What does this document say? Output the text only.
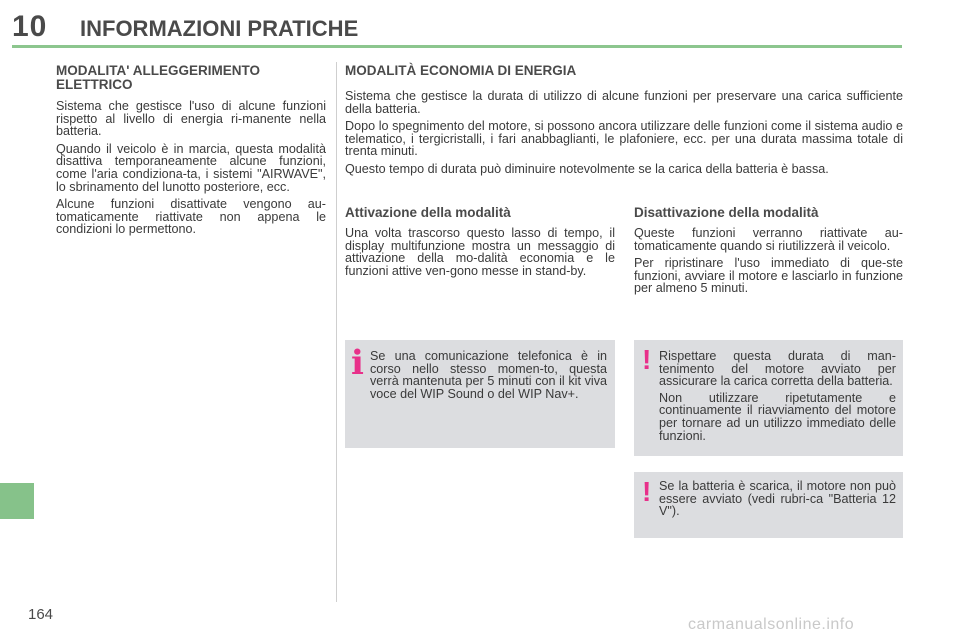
10 INFORMAZIONI PRATICHE
164
MODALITA' ALLEGGERIMENTO ELETTRICO

Sistema che gestisce l'uso di alcune funzioni rispetto al livello di energia ri-manente nella batteria.

Quando il veicolo è in marcia, questa modalità disattiva temporaneamente alcune funzioni, come l'aria condiziona-ta, i sistemi "AIRWAVE", lo sbrinamento del lunotto posteriore, ecc.

Alcune funzioni disattivate vengono au-tomaticamente riattivate non appena le condizioni lo permettono.

MODALITÀ ECONOMIA DI ENERGIA

Sistema che gestisce la durata di utilizzo di alcune funzioni per preservare una carica sufficiente della batteria.

Dopo lo spegnimento del motore, si possono ancora utilizzare delle funzioni come il sistema audio e telematico, i tergicristalli, i fari anabbaglianti, le plafoniere, ecc. per una durata massima totale di trenta minuti.

Questo tempo di durata può diminuire notevolmente se la carica della batteria è bassa.

Attivazione della modalità

Una volta trascorso questo lasso di tempo, il display multifunzione mostra un messaggio di attivazione della mo-dalità economia e le funzioni attive ven-gono messe in stand-by.

Disattivazione della modalità

Queste funzioni verranno riattivate au-tomaticamente quando si riutilizzerà il veicolo.

Per ripristinare l'uso immediato di que-ste funzioni, avviare il motore e lasciarlo in funzione per almeno 5 minuti.

i Se una comunicazione telefonica è in corso nello stesso momen-to, questa verrà mantenuta per 5 minuti con il kit viva voce del WIP Sound o del WIP Nav+.

! Rispettare questa durata di man-tenimento del motore avviato per assicurare la carica corretta della batteria.

Non utilizzare ripetutamente e continuamente il riavviamento del motore per tornare ad un utilizzo immediato delle funzioni.

! Se la batteria è scarica, il motore non può essere avviato (vedi rubri-ca "Batteria 12 V").

carmanualsonline.info
